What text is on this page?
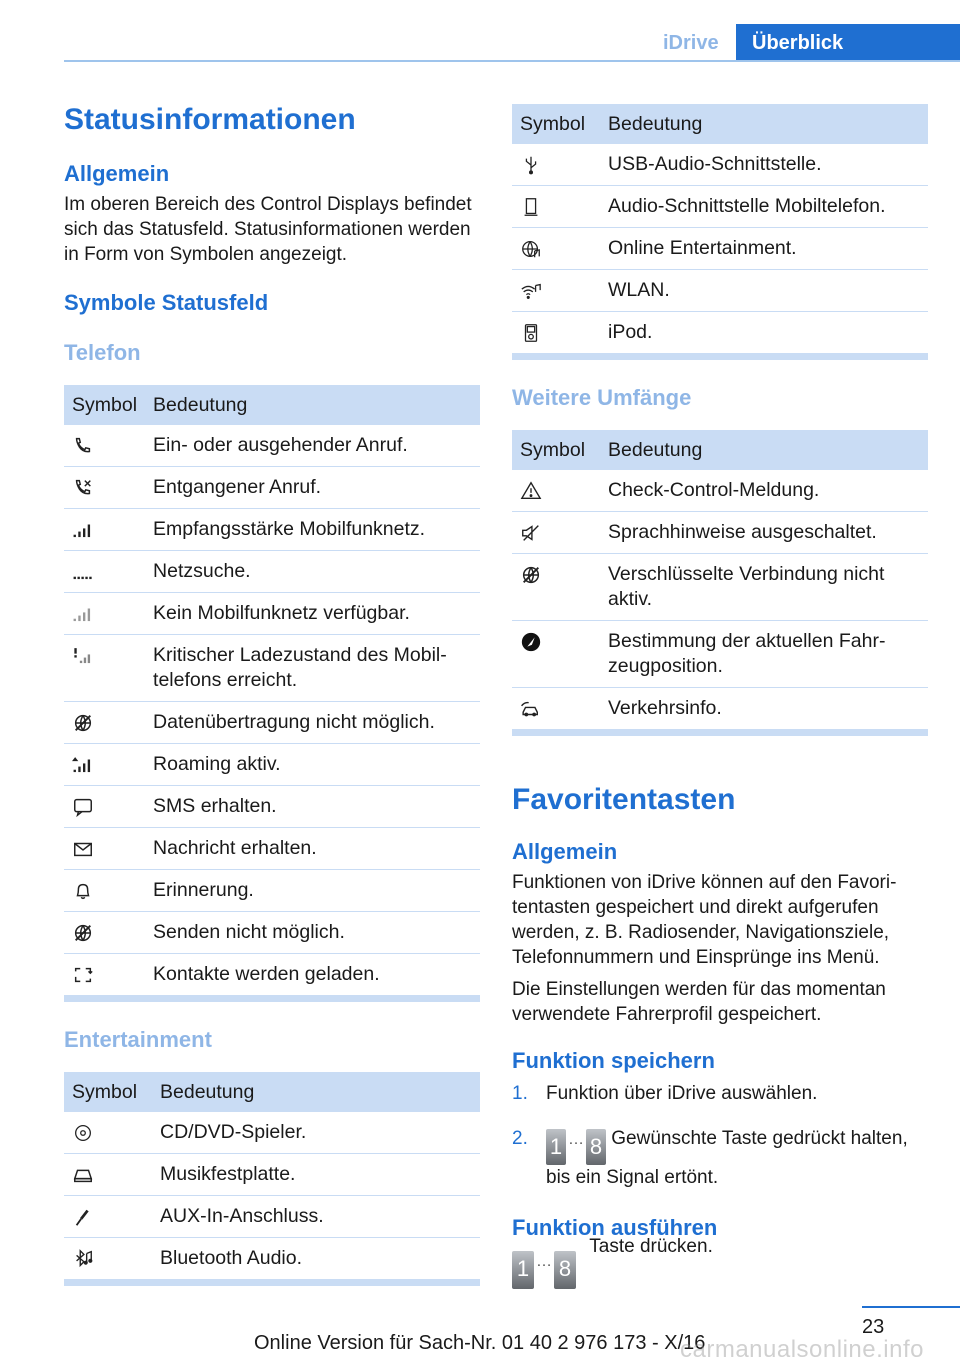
iDrive	Überblick
Statusinformationen
Allgemein

Im oberen Bereich des Control Displays befindet sich das Statusfeld. Statusinformationen werden in Form von Symbolen angezeigt.

Symbole Statusfeld
Telefon
Symbol	Bedeutung

	Ein- oder ausgehender Anruf.

	Entgangener Anruf.

	Empfangsstärke Mobilfunknetz.

	Netzsuche.

	Kein Mobilfunknetz verfügbar.

	Kritischer Ladezustand des Mobiltelefons erreicht.

	Datenübertragung nicht möglich.

	Roaming aktiv.

	SMS erhalten.

	Nachricht erhalten.

	Erinnerung.

	Senden nicht möglich.

	Kontakte werden geladen.
Entertainment
Symbol	Bedeutung

	CD/DVD-Spieler.

	Musikfestplatte.

	AUX-In-Anschluss.

	Bluetooth Audio.
Symbol	Bedeutung

	USB-Audio-Schnittstelle.

	Audio-Schnittstelle Mobiltelefon.

	Online Entertainment.

	WLAN.

	iPod.
Weitere Umfänge
Symbol	Bedeutung

	Check-Control-Meldung.

	Sprachhinweise ausgeschaltet.

	Verschlüsselte Verbindung nicht aktiv.

	Bestimmung der aktuellen Fahrzeugposition.

	Verkehrsinfo.
Favoritentasten
Allgemein

Funktionen von iDrive können auf den Favoritentasten gespeichert und direkt aufgerufen werden, z. B. Radiosender, Navigationsziele, Telefonnummern und Einsprünge ins Menü.

Die Einstellungen werden für das momentan verwendete Fahrerprofil gespeichert.

Funktion speichern
1. Funktion über iDrive auswählen.
2. 1 … 8 Gewünschte Taste gedrückt halten, bis ein Signal ertönt.
Funktion ausführen
1 … 8 Taste drücken.
23
Online Version für Sach-Nr. 01 40 2 976 173 - X/16
carmanualsonline.info
